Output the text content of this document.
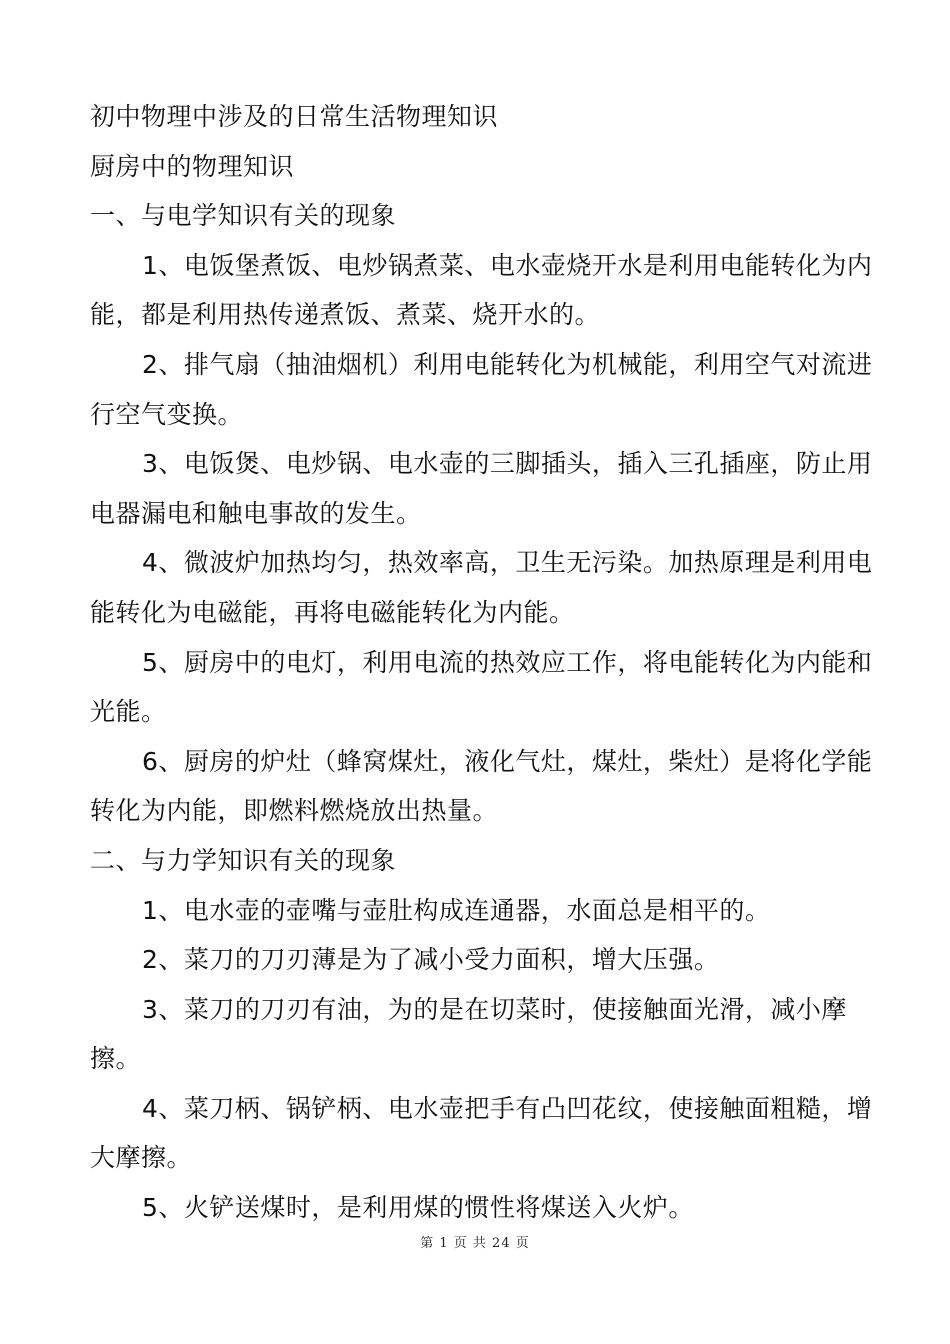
初中物理中涉及的日常生活物理知识
厨房中的物理知识
一、与电学知识有关的现象
1、电饭堡煮饭、电炒锅煮菜、电水壶烧开水是利用电能转化为内能，都是利用热传递煮饭、煮菜、烧开水的。
2、排气扇（抽油烟机）利用电能转化为机械能，利用空气对流进行空气变换。
3、电饭煲、电炒锅、电水壶的三脚插头，插入三孔插座，防止用电器漏电和触电事故的发生。
4、微波炉加热均匀，热效率高，卫生无污染。加热原理是利用电能转化为电磁能，再将电磁能转化为内能。
5、厨房中的电灯，利用电流的热效应工作，将电能转化为内能和光能。
6、厨房的炉灶（蜂窝煤灶，液化气灶，煤灶，柴灶）是将化学能转化为内能，即燃料燃烧放出热量。
二、与力学知识有关的现象
1、电水壶的壶嘴与壶肚构成连通器，水面总是相平的。
2、菜刀的刀刃薄是为了减小受力面积，增大压强。
3、菜刀的刀刃有油，为的是在切菜时，使接触面光滑，减小摩擦。
4、菜刀柄、锅铲柄、电水壶把手有凸凹花纹，使接触面粗糙，增大摩擦。
5、火铲送煤时，是利用煤的惯性将煤送入火炉。
第 1 页 共 24 页
